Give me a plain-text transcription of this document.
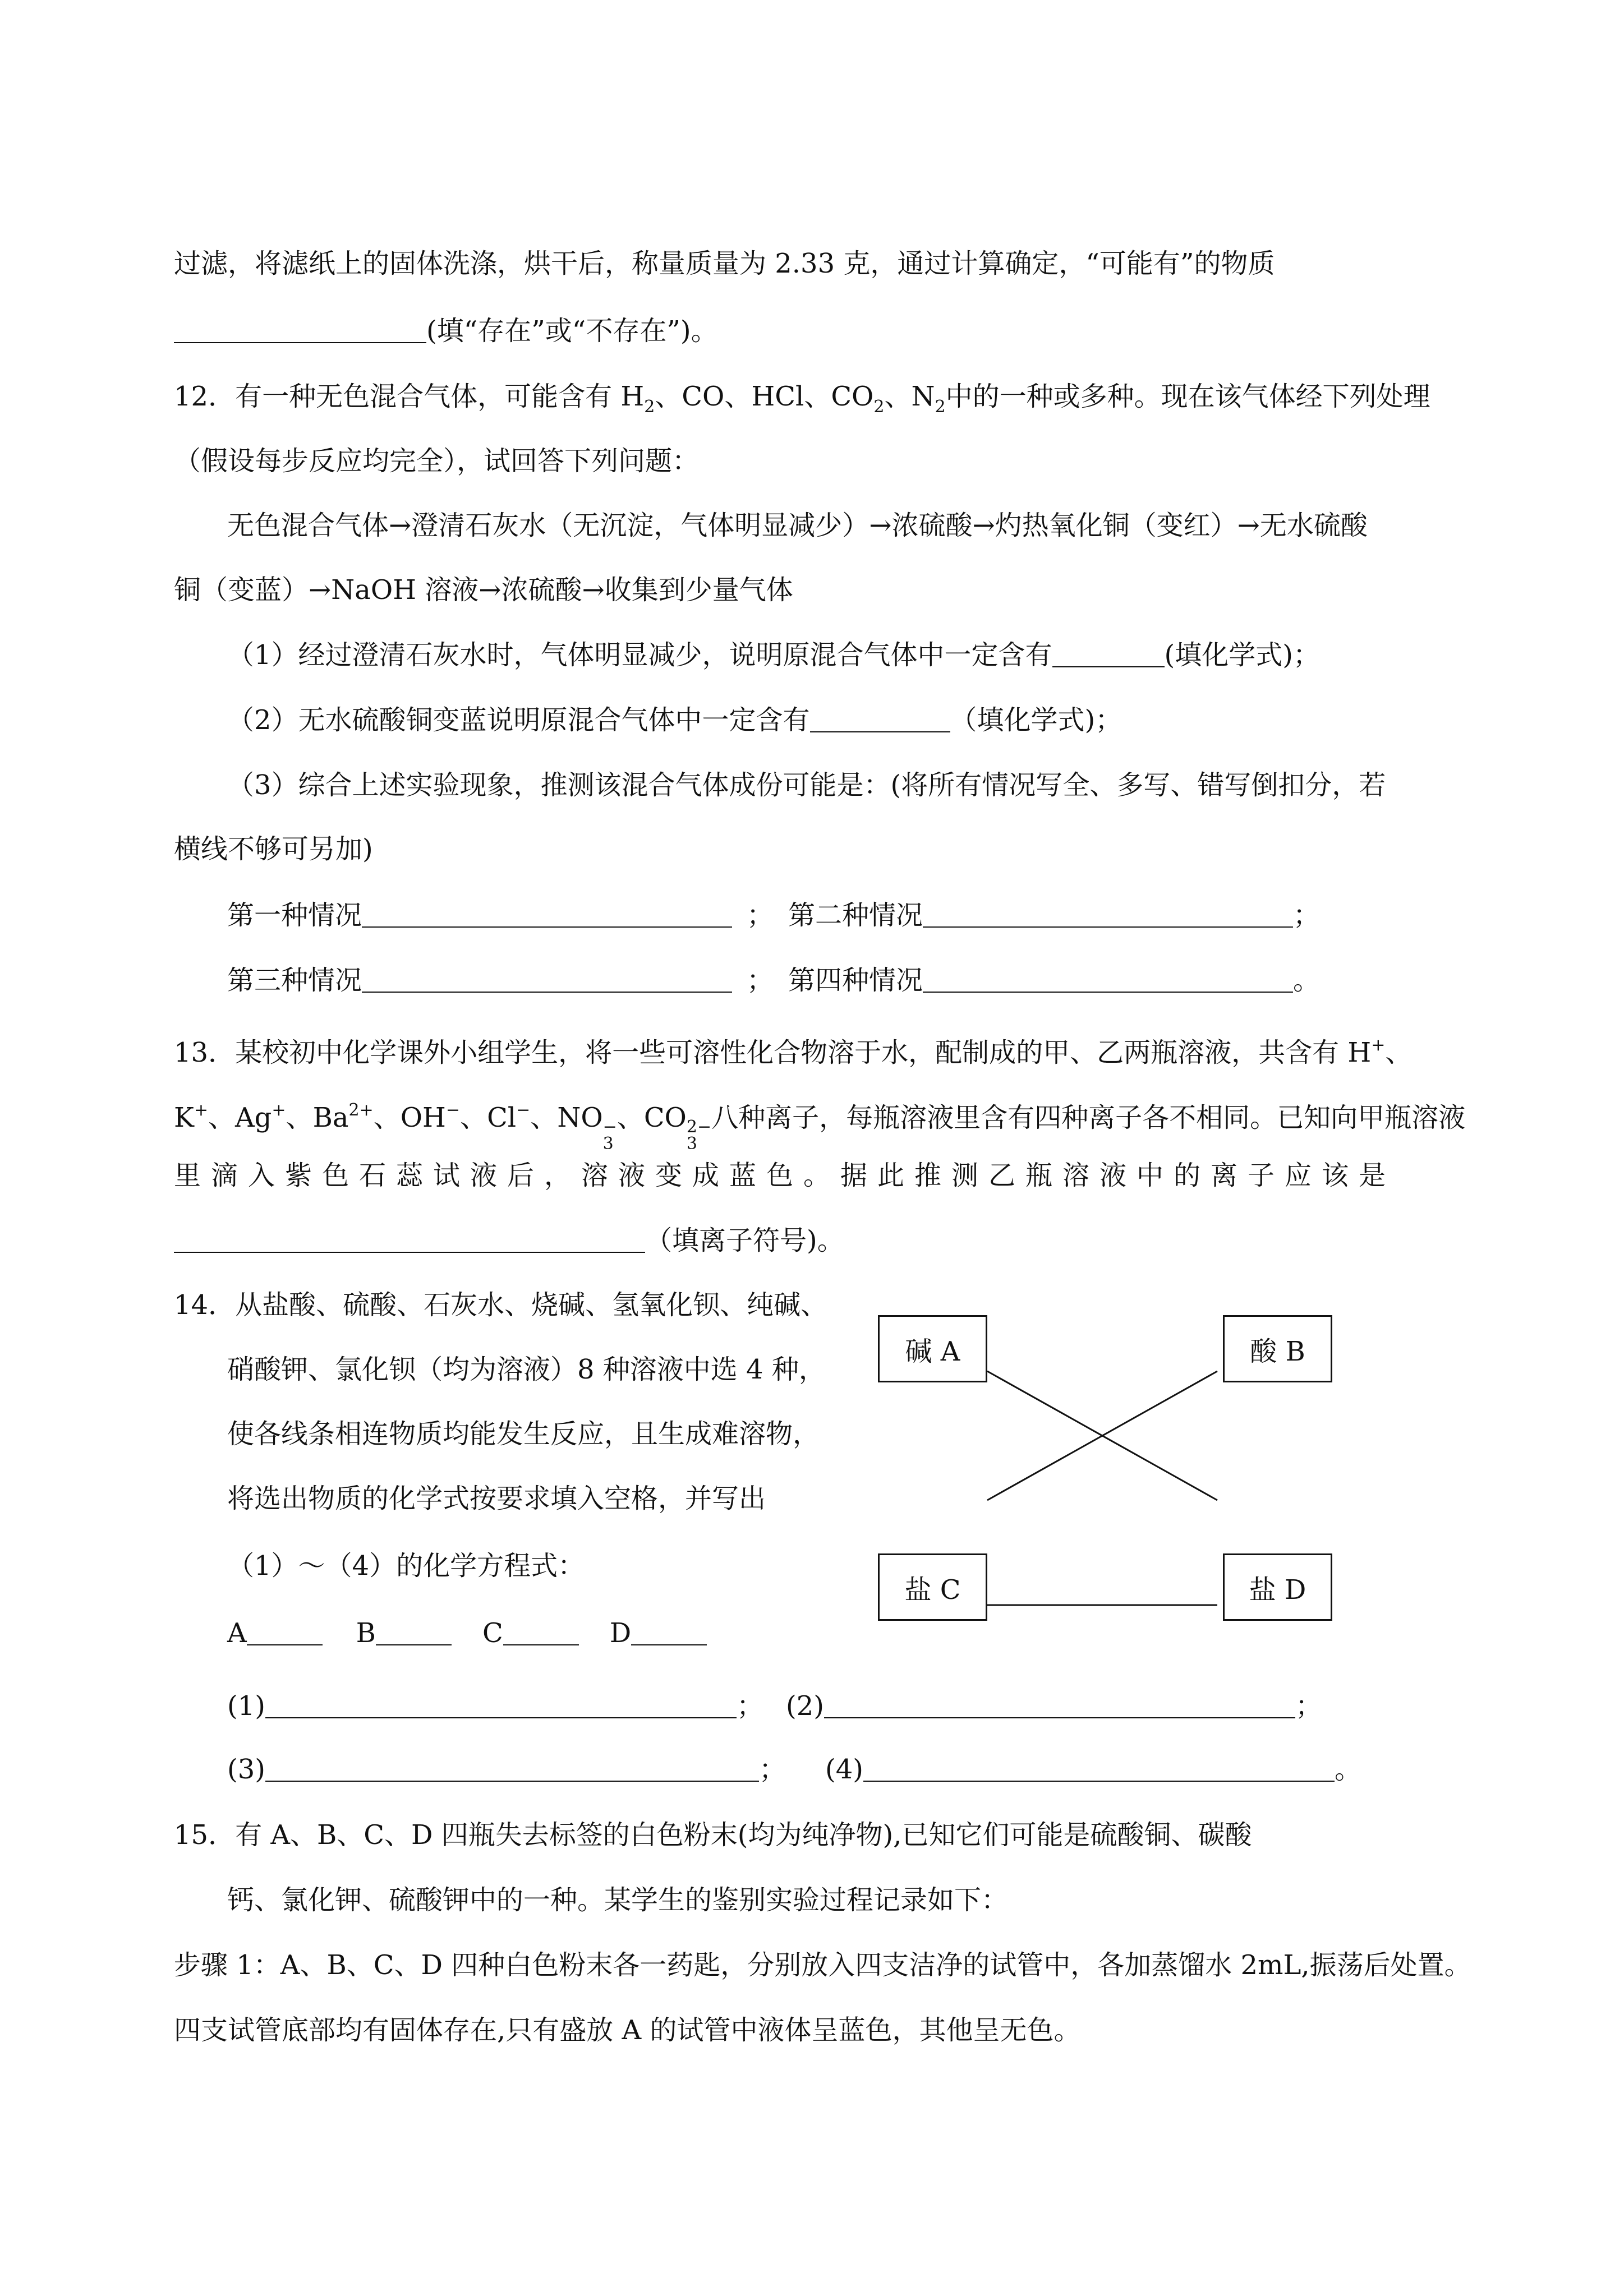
过滤，将滤纸上的固体洗涤，烘干后，称量质量为 2.33 克，通过计算确定，“可能有”的物质
(填“存在”或“不存在”)。
12．有一种无色混合气体，可能含有 $H_2$、CO、HCl、$CO_2$、$N_2$中的一种或多种。现在该气体经下列处理
（假设每步反应均完全），试回答下列问题：
无色混合气体→澄清石灰水（无沉淀，气体明显减少）→浓硫酸→灼热氧化铜（变红）→无水硫酸
铜（变蓝）→NaOH 溶液→浓硫酸→收集到少量气体
（1）经过澄清石灰水时，气体明显减少，说明原混合气体中一定含有	(填化学式)；
（2）无水硫酸铜变蓝说明原混合气体中一定含有	（填化学式)；
（3）综合上述实验现象，推测该混合气体成份可能是：(将所有情况写全、多写、错写倒扣分，若
横线不够可另加)
第一种情况	； 第二种情况	；
第三种情况	； 第四种情况	。
13．某校初中化学课外小组学生，将一些可溶性化合物溶于水，配制成的甲、乙两瓶溶液，共含有 H+、
K+、Ag+、$Ba^{2+}$、OH−、Cl−、NO −
3
、CO 2−
3
八种离子，每瓶溶液里含有四种离子各不相同。已知向甲瓶溶液
里滴入紫色石蕊试液后，溶液变成蓝色。据此推测乙瓶溶液中的离子应该是
（填离子符号)。
14．从盐酸、硫酸、石灰水、烧碱、氢氧化钡、纯碱、
硝酸钾、氯化钡（均为溶液）8 种溶液中选 4 种，
使各线条相连物质均能发生反应，且生成难溶物，
将选出物质的化学式按要求填入空格，并写出
（1）～（4）的化学方程式：
碱 A	酸 B
盐 C	盐 D
A	B	C	D
(1)	； (2)	；
(3)	； (4)	。
15．有 A、B、C、D 四瓶失去标签的白色粉末(均为纯净物),已知它们可能是硫酸铜、碳酸
钙、氯化钾、硫酸钾中的一种。某学生的鉴别实验过程记录如下：
步骤 1：A、B、C、D 四种白色粉末各一药匙，分别放入四支洁净的试管中，各加蒸馏水 2mL,振荡后处置。
四支试管底部均有固体存在,只有盛放 A 的试管中液体呈蓝色，其他呈无色。
